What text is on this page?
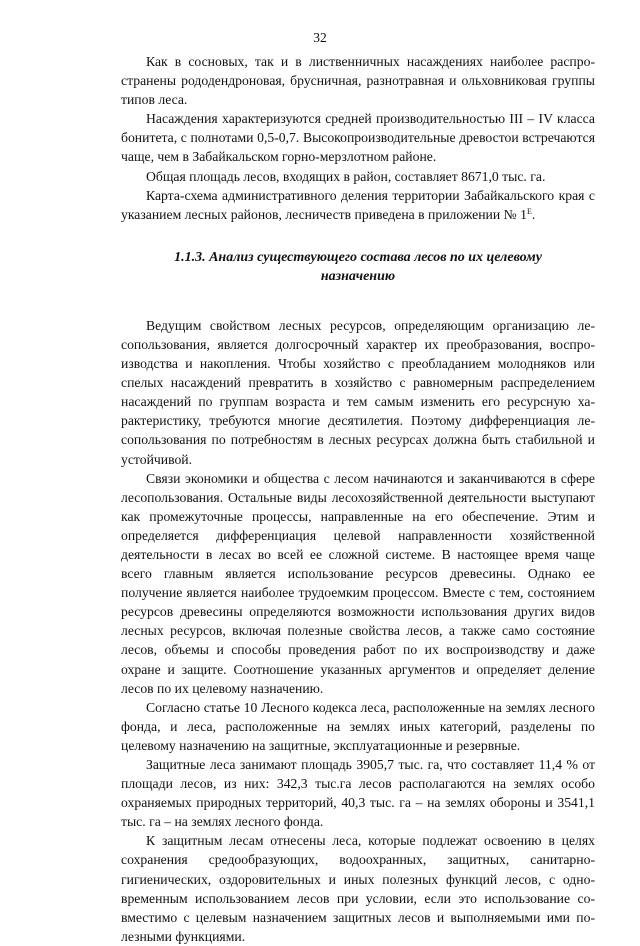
32

Как в сосновых, так и в лиственничных насаждениях наиболее распространены рододендроновая, брусничная, разнотравная и ольховниковая группы типов леса.

Насаждения характеризуются средней производительностью III – IV класса бонитета, с полнотами 0,5-0,7. Высокопроизводительные древостои встречаются чаще, чем в Забайкальском горно-мерзлотном районе.

Общая площадь лесов, входящих в район, составляет 8671,0 тыс. га.

Карта-схема административного деления территории Забайкальского края с указанием лесных районов, лесничеств приведена в приложении № $1^Е$.

1.1.3. Анализ существующего состава лесов по их целевому
назначению

Ведущим свойством лесных ресурсов, определяющим организацию лесопользования, является долгосрочный характер их преобразования, воспроизводства и накопления. Чтобы хозяйство с преобладанием молодняков или спелых насаждений превратить в хозяйство с равномерным распределением насаждений по группам возраста и тем самым изменить его ресурсную характеристику, требуются многие десятилетия. Поэтому дифференциация лесопользования по потребностям в лесных ресурсах должна быть стабильной и устойчивой.

Связи экономики и общества с лесом начинаются и заканчиваются в сфере лесопользования. Остальные виды лесохозяйственной деятельности выступают как промежуточные процессы, направленные на его обеспечение. Этим и определяется дифференциация целевой направленности хозяйственной деятельности в лесах во всей ее сложной системе. В настоящее время чаще всего главным является использование ресурсов древесины. Однако ее получение является наиболее трудоемким процессом. Вместе с тем, состоянием ресурсов древесины определяются возможности использования других видов лесных ресурсов, включая полезные свойства лесов, а также само состояние лесов, объемы и способы проведения работ по их воспроизводству и даже охране и защите. Соотношение указанных аргументов и определяет деление лесов по их целевому назначению.

Согласно статье 10 Лесного кодекса леса, расположенные на землях лесного фонда, и леса, расположенные на землях иных категорий, разделены по целевому назначению на защитные, эксплуатационные и резервные.

Защитные леса занимают площадь 3905,7 тыс. га, что составляет 11,4 % от площади лесов, из них: 342,3 тыс.га лесов располагаются на землях особо охраняемых природных территорий, 40,3 тыс. га – на землях обороны и 3541,1 тыс. га – на землях лесного фонда.

К защитным лесам отнесены леса, которые подлежат освоению в целях сохранения средообразующих, водоохранных, защитных, санитарно-гигиенических, оздоровительных и иных полезных функций лесов, с одновременным использованием лесов при условии, если это использование совместимо с целевым назначением защитных лесов и выполняемыми ими полезными функциями.
